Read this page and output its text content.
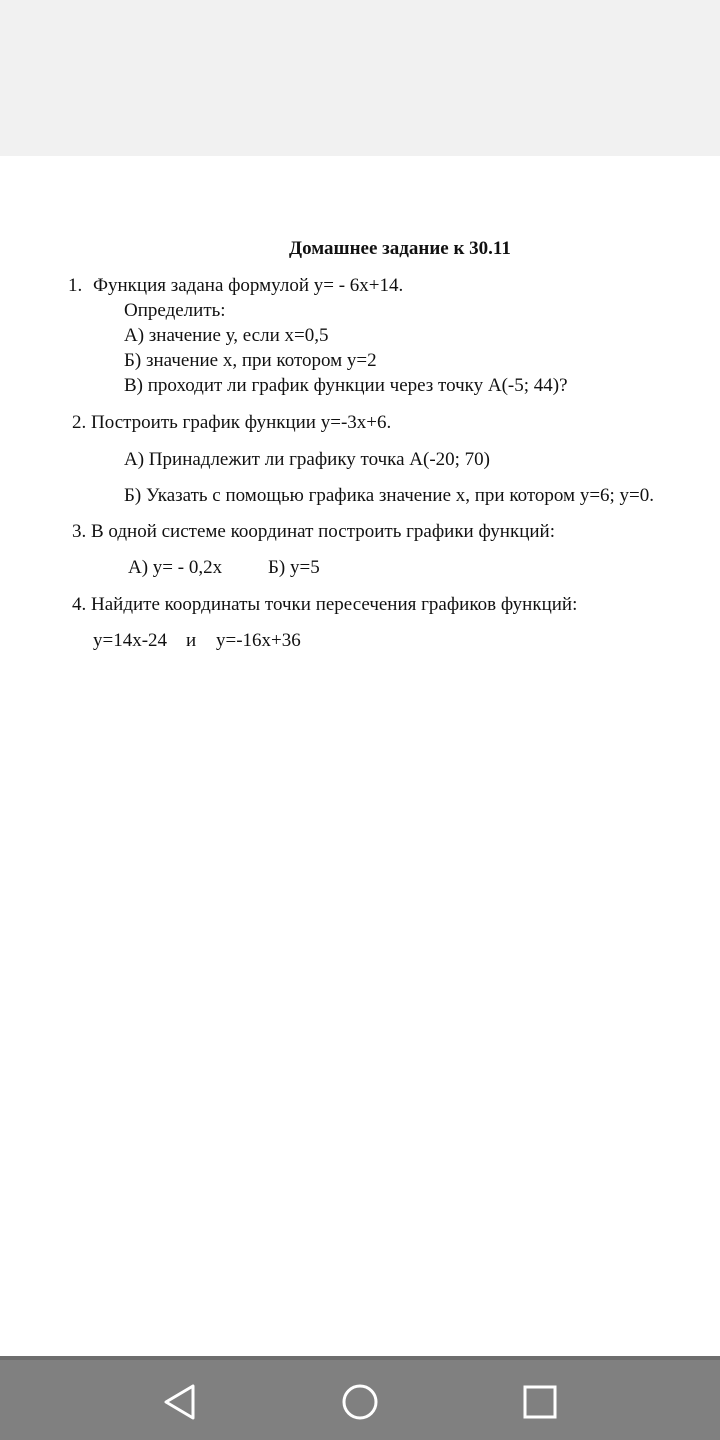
Домашнее задание к 30.11
1. Функция задана формулой y= - 6x+14.
Определить:
А) значение у, если х=0,5
Б) значение х, при котором у=2
В) проходит ли график функции через точку А(-5; 44)?
2. Построить график функции у=-3х+6.
А) Принадлежит ли графику точка А(-20; 70)
Б) Указать с помощью графика значение х, при котором у=6; у=0.
3. В одной системе координат построить графики функций:
А) у= - 0,2х Б) у=5
4. Найдите координаты точки пересечения графиков функций:
у=14х-24 и у=-16х+36
